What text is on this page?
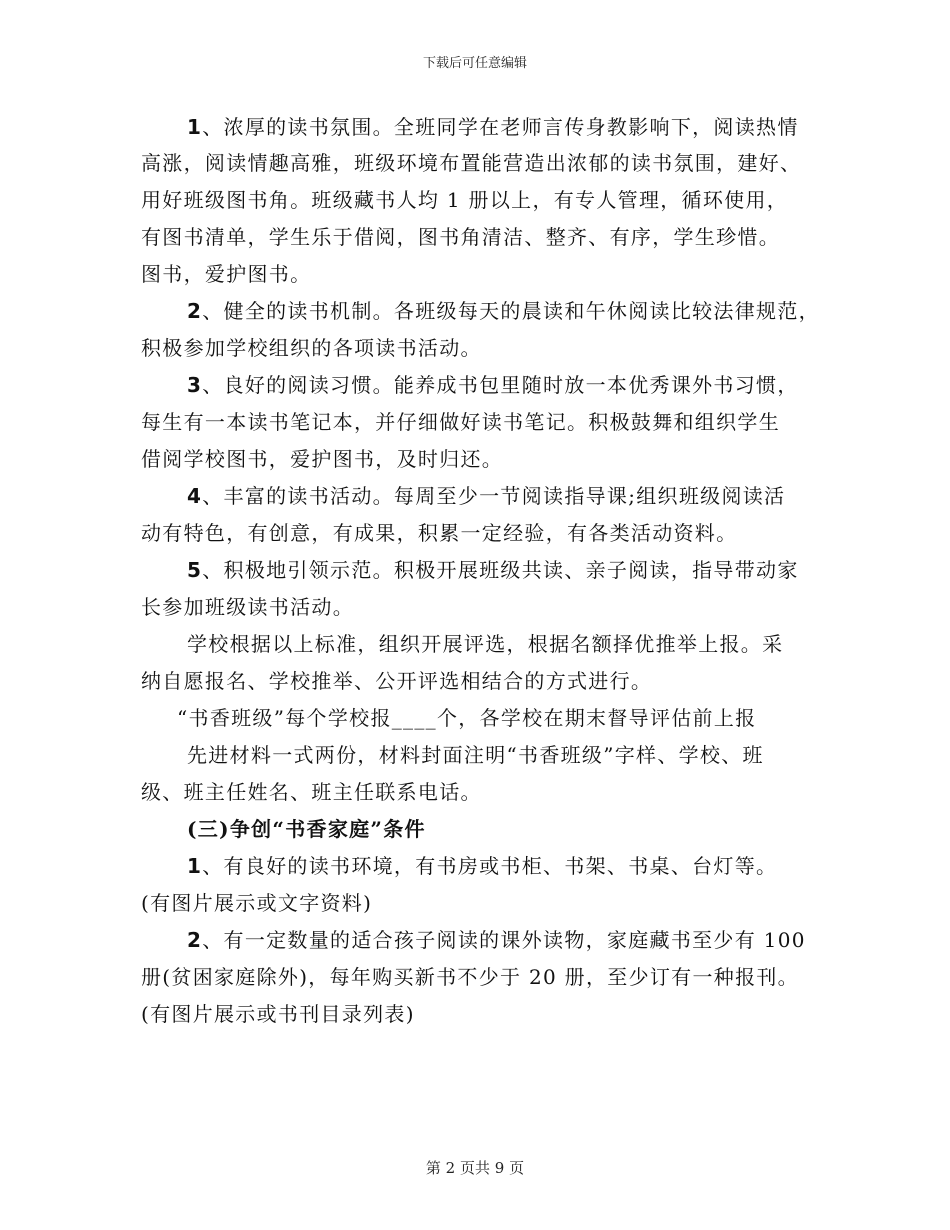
下载后可任意编辑
1、浓厚的读书氛围。全班同学在老师言传身教影响下，阅读热情
高涨，阅读情趣高雅，班级环境布置能营造出浓郁的读书氛围，建好、
用好班级图书角。班级藏书人均 1 册以上，有专人管理，循环使用，
有图书清单，学生乐于借阅，图书角清洁、整齐、有序，学生珍惜。
图书，爱护图书。
2、健全的读书机制。各班级每天的晨读和午休阅读比较法律规范，
积极参加学校组织的各项读书活动。
3、良好的阅读习惯。能养成书包里随时放一本优秀课外书习惯，
每生有一本读书笔记本，并仔细做好读书笔记。积极鼓舞和组织学生
借阅学校图书，爱护图书，及时归还。
4、丰富的读书活动。每周至少一节阅读指导课;组织班级阅读活
动有特色，有创意，有成果，积累一定经验，有各类活动资料。
5、积极地引领示范。积极开展班级共读、亲子阅读，指导带动家
长参加班级读书活动。
学校根据以上标准，组织开展评选，根据名额择优推举上报。采
纳自愿报名、学校推举、公开评选相结合的方式进行。
“书香班级”每个学校报____个，各学校在期末督导评估前上报
先进材料一式两份，材料封面注明“书香班级”字样、学校、班
级、班主任姓名、班主任联系电话。
(三)争创“书香家庭”条件
1、有良好的读书环境，有书房或书柜、书架、书桌、台灯等。
(有图片展示或文字资料)
2、有一定数量的适合孩子阅读的课外读物，家庭藏书至少有 100
册(贫困家庭除外)，每年购买新书不少于 20 册，至少订有一种报刊。
(有图片展示或书刊目录列表)
第 2 页共 9 页
